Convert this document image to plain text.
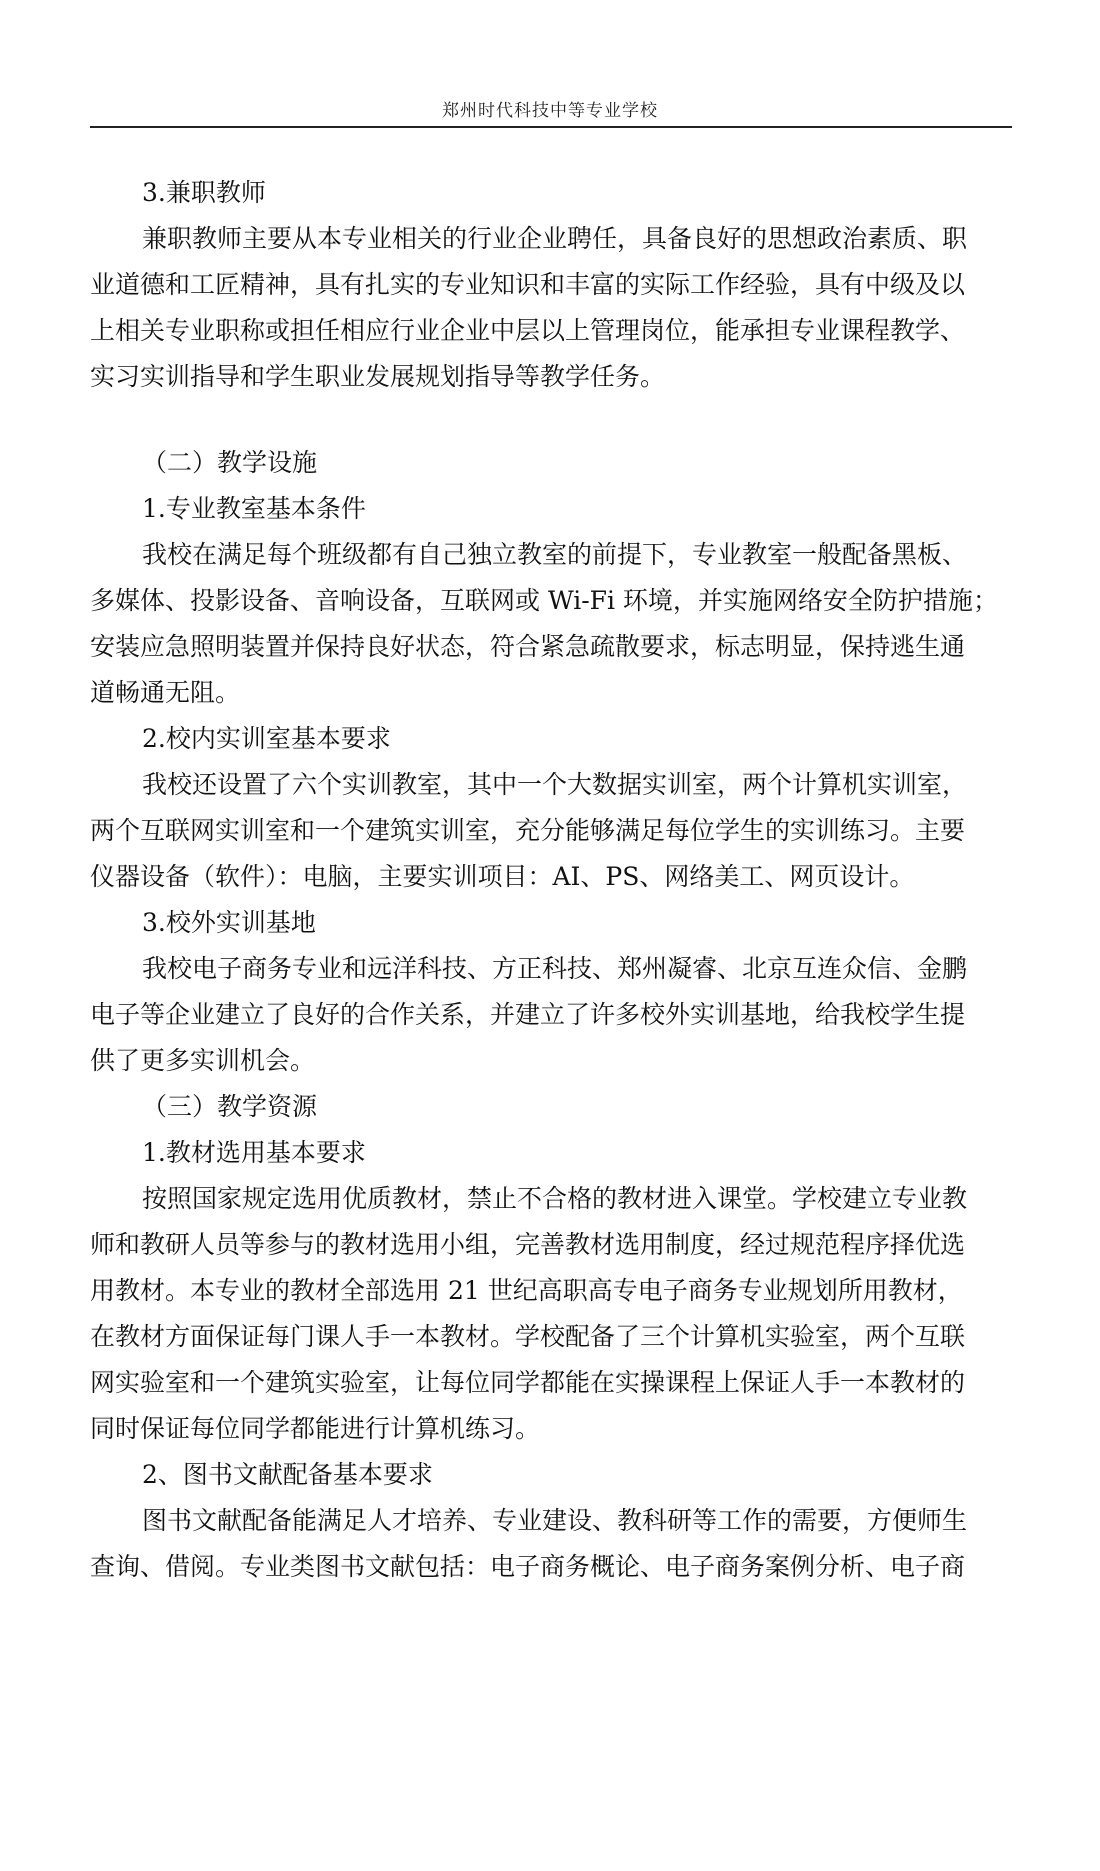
郑州时代科技中等专业学校
3.兼职教师
兼职教师主要从本专业相关的行业企业聘任，具备良好的思想政治素质、职
业道德和工匠精神，具有扎实的专业知识和丰富的实际工作经验，具有中级及以
上相关专业职称或担任相应行业企业中层以上管理岗位，能承担专业课程教学、
实习实训指导和学生职业发展规划指导等教学任务。
（二）教学设施
1.专业教室基本条件
我校在满足每个班级都有自己独立教室的前提下，专业教室一般配备黑板、
多媒体、投影设备、音响设备，互联网或 Wi-Fi 环境，并实施网络安全防护措施；
安装应急照明装置并保持良好状态，符合紧急疏散要求，标志明显，保持逃生通
道畅通无阻。
2.校内实训室基本要求
我校还设置了六个实训教室，其中一个大数据实训室，两个计算机实训室，
两个互联网实训室和一个建筑实训室，充分能够满足每位学生的实训练习。主要
仪器设备（软件）：电脑，主要实训项目：AI、PS、网络美工、网页设计。
3.校外实训基地
我校电子商务专业和远洋科技、方正科技、郑州凝睿、北京互连众信、金鹏
电子等企业建立了良好的合作关系，并建立了许多校外实训基地，给我校学生提
供了更多实训机会。
（三）教学资源
1.教材选用基本要求
按照国家规定选用优质教材，禁止不合格的教材进入课堂。学校建立专业教
师和教研人员等参与的教材选用小组，完善教材选用制度，经过规范程序择优选
用教材。本专业的教材全部选用 21 世纪高职高专电子商务专业规划所用教材，
在教材方面保证每门课人手一本教材。学校配备了三个计算机实验室，两个互联
网实验室和一个建筑实验室，让每位同学都能在实操课程上保证人手一本教材的
同时保证每位同学都能进行计算机练习。
2、图书文献配备基本要求
图书文献配备能满足人才培养、专业建设、教科研等工作的需要，方便师生
查询、借阅。专业类图书文献包括：电子商务概论、电子商务案例分析、电子商
